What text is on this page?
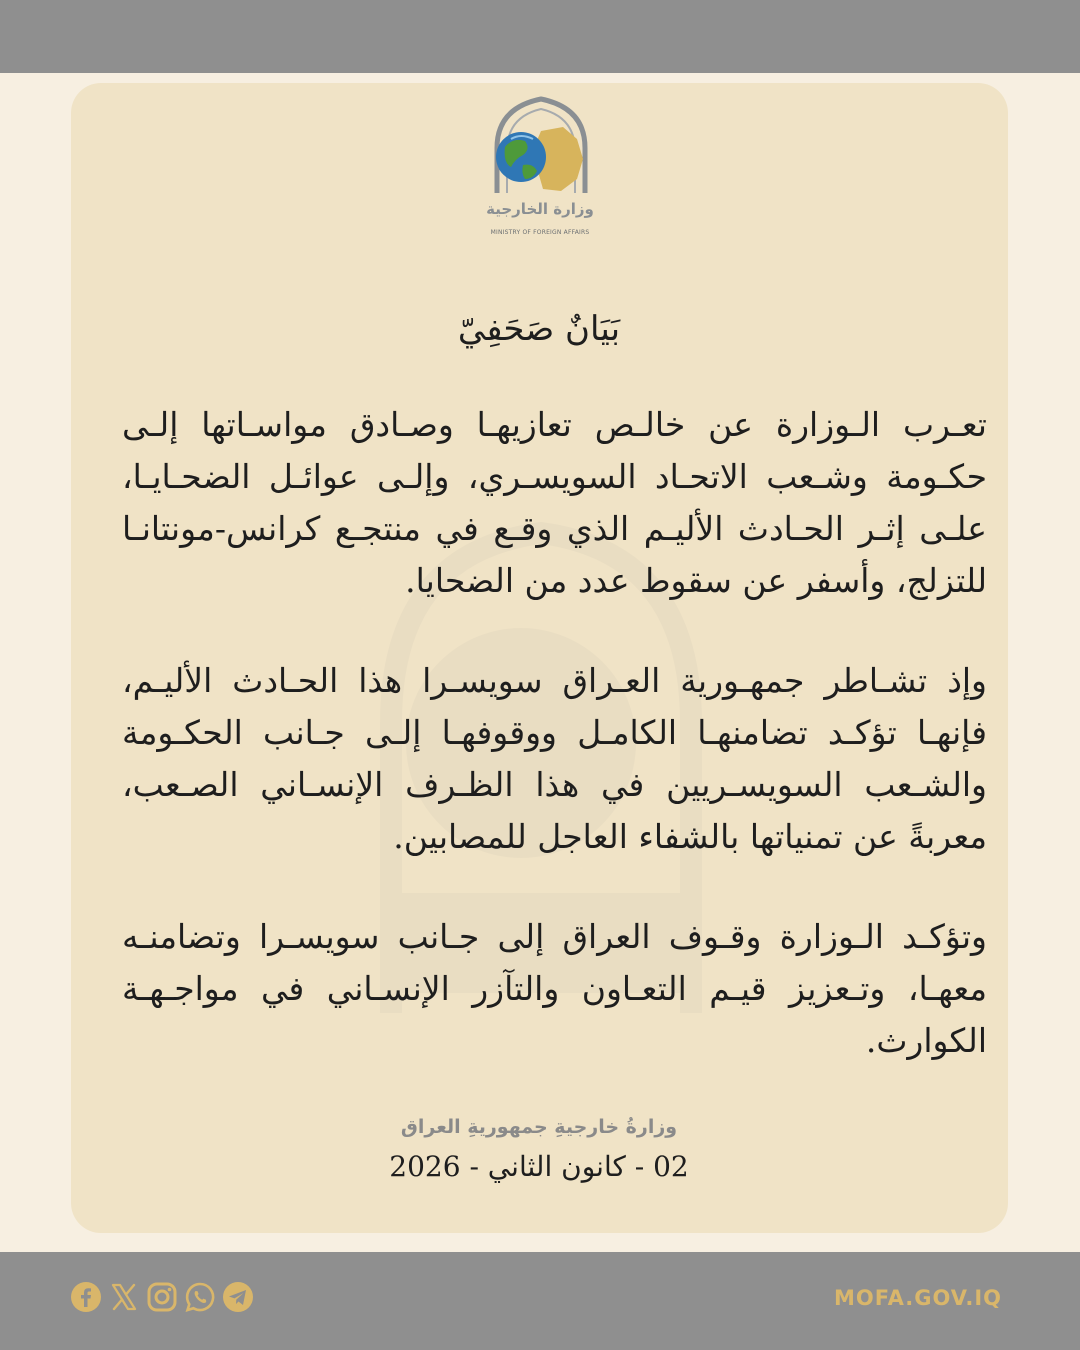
وزارة الخارجية
MINISTRY OF FOREIGN AFFAIRS
بَيَانٌ صَحَفِيّ

تعـرب الـوزارة عن خالـص تعازيهـا وصـادق مواسـاتها إلـى حكـومة وشـعب الاتحـاد السويسـري، وإلـى عوائـل الضحـايـا، علـى إثـر الحـادث الأليـم الذي وقـع في منتجـع كرانس-مونتانـا للتزلج، وأسفر عن سقوط عدد من الضحايا.

وإذ تشـاطر جمهـورية العـراق سويسـرا هذا الحـادث الأليـم، فإنهـا تؤكـد تضامنهـا الكامـل ووقوفهـا إلـى جـانب الحكـومة والشـعب السويسـريين في هذا الظـرف الإنسـاني الصـعب، معربةً عن تمنياتها بالشفاء العاجل للمصابين.

وتؤكـد الـوزارة وقـوف العراق إلى جـانب سويسـرا وتضامنـه معهـا، وتـعزيز قيـم التعـاون والتآزر الإنسـاني في مواجـهـة الكوارث.

وزارةُ خارجيةِ جمهوريةِ العراق
02 - كانون الثاني - 2026
MOFA.GOV.IQ
